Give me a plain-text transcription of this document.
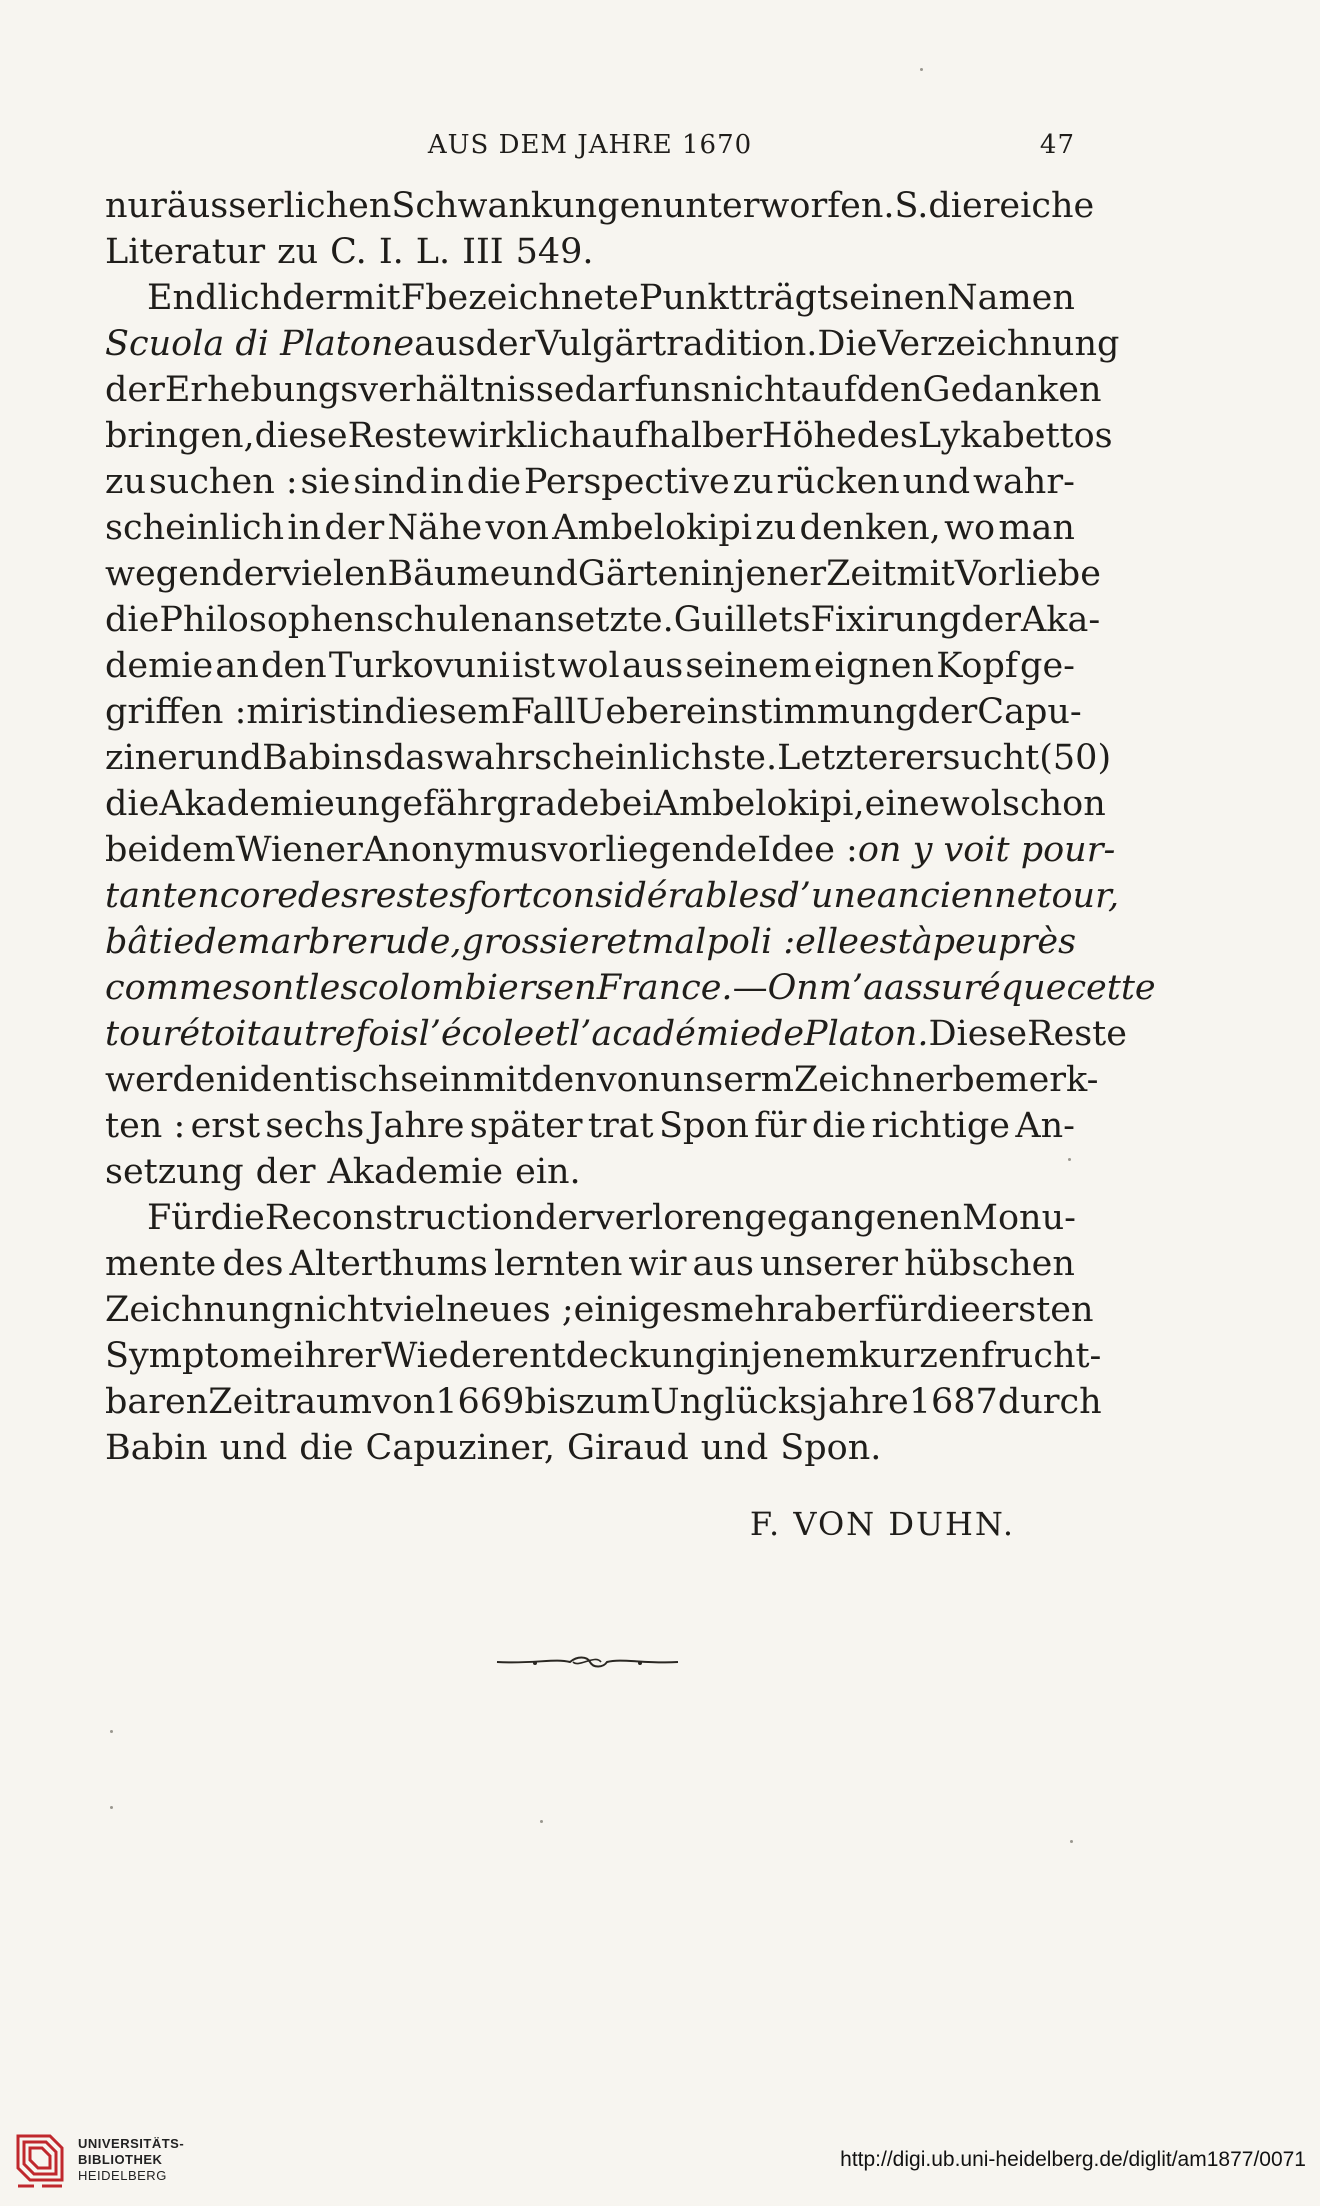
AUS DEM JAHRE 1670	47
nur äusserlichen Schwankungen unterworfen. S. die reiche
Literatur zu C. I. L. III 549.
Endlich der mit F bezeichnete Punkt trägt seinen Namen
Scuola di Platone aus der Vulgärtradition. Die Verzeichnung
der Erhebungsverhältnisse darf uns nicht auf den Gedanken
bringen, diese Reste wirklich auf halber Höhe des Lykabettos
zu suchen : sie sind in die Perspective zu rücken und wahr-
scheinlich in der Nähe von Ambelokipi zu denken, wo man
wegen der vielen Bäume und Gärten in jener Zeit mit Vorliebe
die Philosophenschulen ansetzte. Guillets Fixirung der Aka-
demie an den Turkovuni ist wol aus seinem eignen Kopf ge-
griffen : mir ist in diesem Fall Uebereinstimmung der Capu-
ziner und Babins das wahrscheinlichste. Letzterer sucht (50)
die Akademie ungefähr grade bei Ambelokipi, eine wol schon
bei dem Wiener Anonymus vorliegende Idee : on y voit pour-
tant encore des restes fort considérables d’une ancienne tour,
bâtie de marbre rude, grossier et mal poli : elle est à peu près
comme sont les colombiers en France. — On m’a assuré que cette
tour étoit autrefois l’école et l’académie de Platon. Diese Reste
werden identisch sein mit den von unserm Zeichner bemerk-
ten : erst sechs Jahre später trat Spon für die richtige An-
setzung der Akademie ein.
Für die Reconstruction der verloren gegangenen Monu-
mente des Alterthums lernten wir aus unserer hübschen
Zeichnung nicht viel neues ; einiges mehr aber für die ersten
Symptome ihrer Wiederentdeckung in jenem kurzen frucht-
baren Zeitraum von 1669 bis zum Unglücksjahre 1687 durch
Babin und die Capuziner, Giraud und Spon.
F. VON DUHN.
UNIVERSITÄTS-
BIBLIOTHEK
HEIDELBERG
http://digi.ub.uni-heidelberg.de/diglit/am1877/0071
